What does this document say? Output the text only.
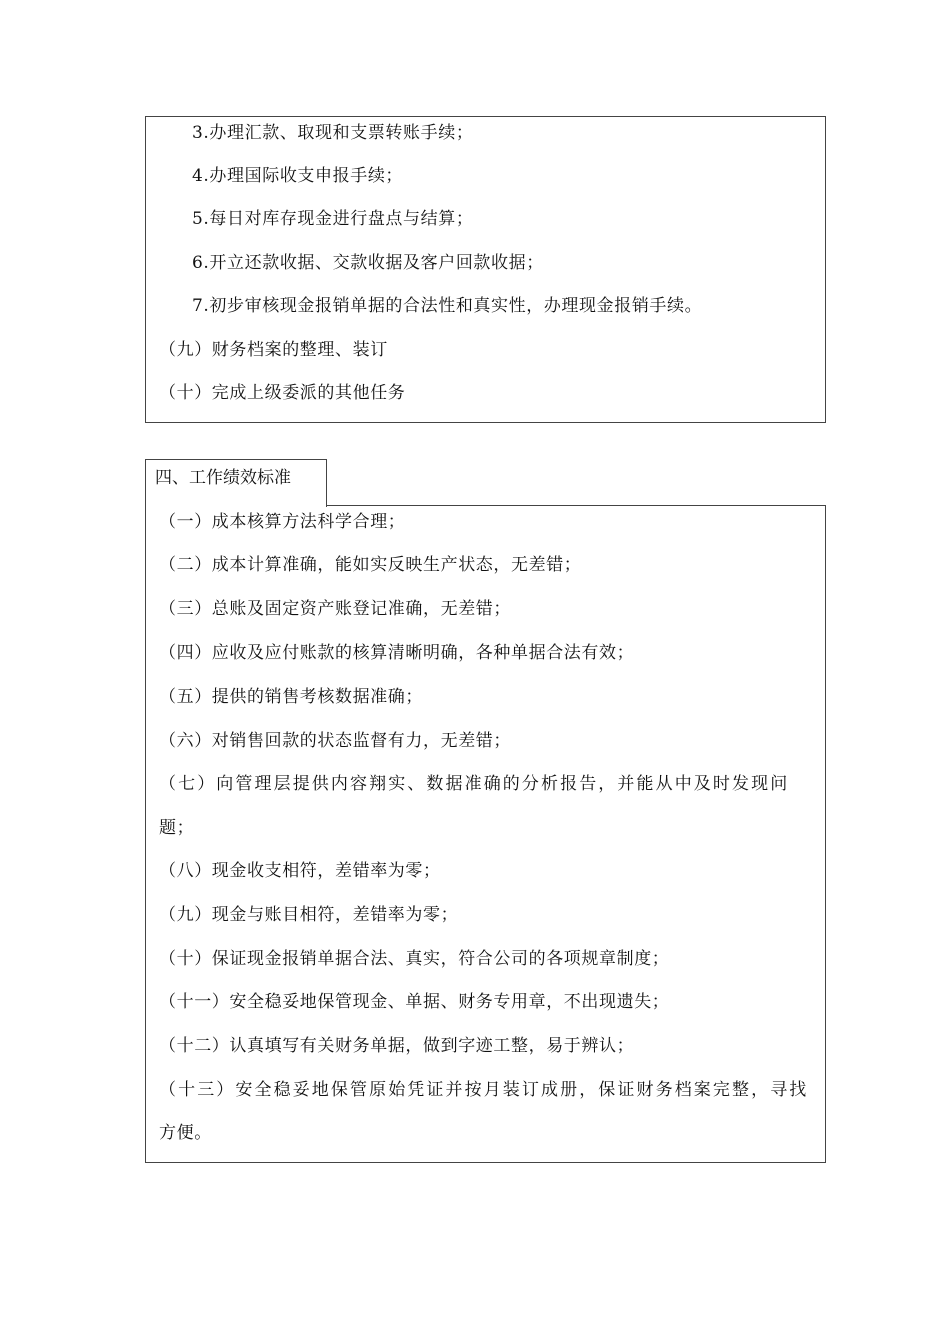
3.办理汇款、取现和支票转账手续；
4.办理国际收支申报手续；
5.每日对库存现金进行盘点与结算；
6.开立还款收据、交款收据及客户回款收据；
7.初步审核现金报销单据的合法性和真实性，办理现金报销手续。
（九）财务档案的整理、装订
（十）完成上级委派的其他任务
四、工作绩效标准
（一）成本核算方法科学合理；
（二）成本计算准确，能如实反映生产状态，无差错；
（三）总账及固定资产账登记准确，无差错；
（四）应收及应付账款的核算清晰明确，各种单据合法有效；
（五）提供的销售考核数据准确；
（六）对销售回款的状态监督有力，无差错；
（七）向管理层提供内容翔实、数据准确的分析报告，并能从中及时发现问
题；
（八）现金收支相符，差错率为零；
（九）现金与账目相符，差错率为零；
（十）保证现金报销单据合法、真实，符合公司的各项规章制度；
（十一）安全稳妥地保管现金、单据、财务专用章，不出现遗失；
（十二）认真填写有关财务单据，做到字迹工整，易于辨认；
（十三）安全稳妥地保管原始凭证并按月装订成册，保证财务档案完整，寻找
方便。
